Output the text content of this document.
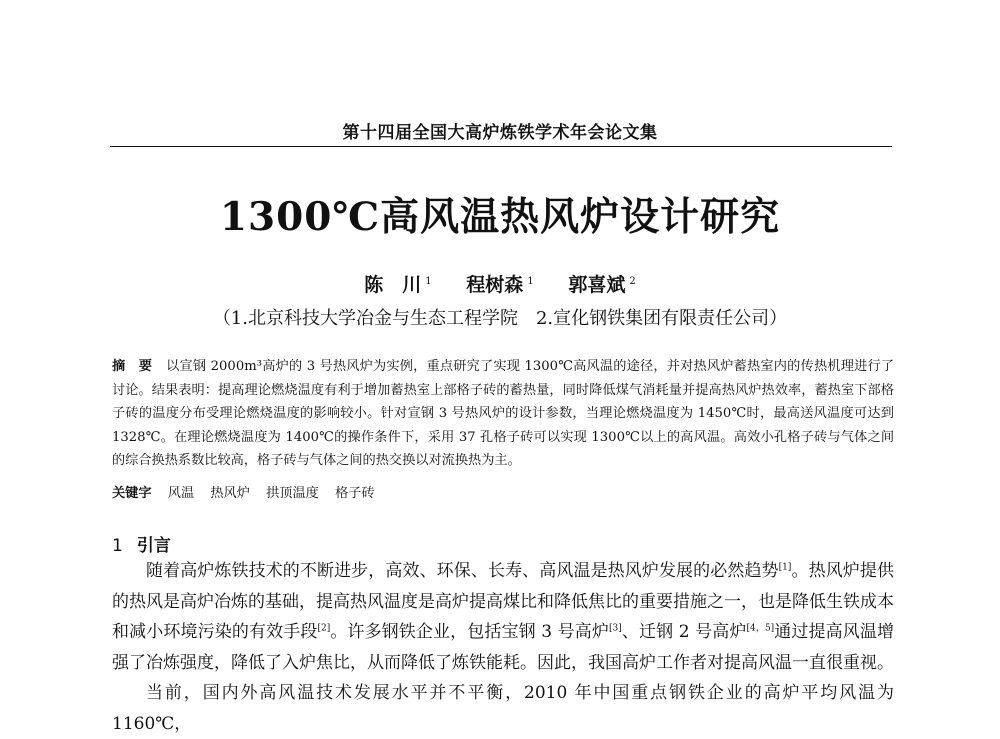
第十四届全国大高炉炼铁学术年会论文集
1300℃高风温热风炉设计研究
陈　川 $^1$ 程树森 $^1$ 郭喜斌 $^2$
（1.北京科技大学冶金与生态工程学院　2.宣化钢铁集团有限责任公司）
摘　要 以宣钢 2000m³高炉的 3 号热风炉为实例，重点研究了实现 1300℃高风温的途径，并对热风炉蓄热室内的传热机理进行了讨论。结果表明：提高理论燃烧温度有利于增加蓄热室上部格子砖的蓄热量，同时降低煤气消耗量并提高热风炉热效率，蓄热室下部格子砖的温度分布受理论燃烧温度的影响较小。针对宣钢 3 号热风炉的设计参数，当理论燃烧温度为 1450℃时，最高送风温度可达到 1328℃。在理论燃烧温度为 1400℃的操作条件下，采用 37 孔格子砖可以实现 1300℃以上的高风温。高效小孔格子砖与气体之间的综合换热系数比较高，格子砖与气体之间的热交换以对流换热为主。
关键字 风温 热风炉 拱顶温度 格子砖
1 引言

随着高炉炼铁技术的不断进步，高效、环保、长寿、高风温是热风炉发展的必然趋势[1]。热风炉提供的热风是高炉冶炼的基础，提高热风温度是高炉提高煤比和降低焦比的重要措施之一，也是降低生铁成本和减小环境污染的有效手段[2]。许多钢铁企业，包括宝钢 3 号高炉[3]、迁钢 2 号高炉[4，5]通过提高风温增强了冶炼强度，降低了入炉焦比，从而降低了炼铁能耗。因此，我国高炉工作者对提高风温一直很重视。

当前，国内外高风温技术发展水平并不平衡，2010 年中国重点钢铁企业的高炉平均风温为 1160℃，
